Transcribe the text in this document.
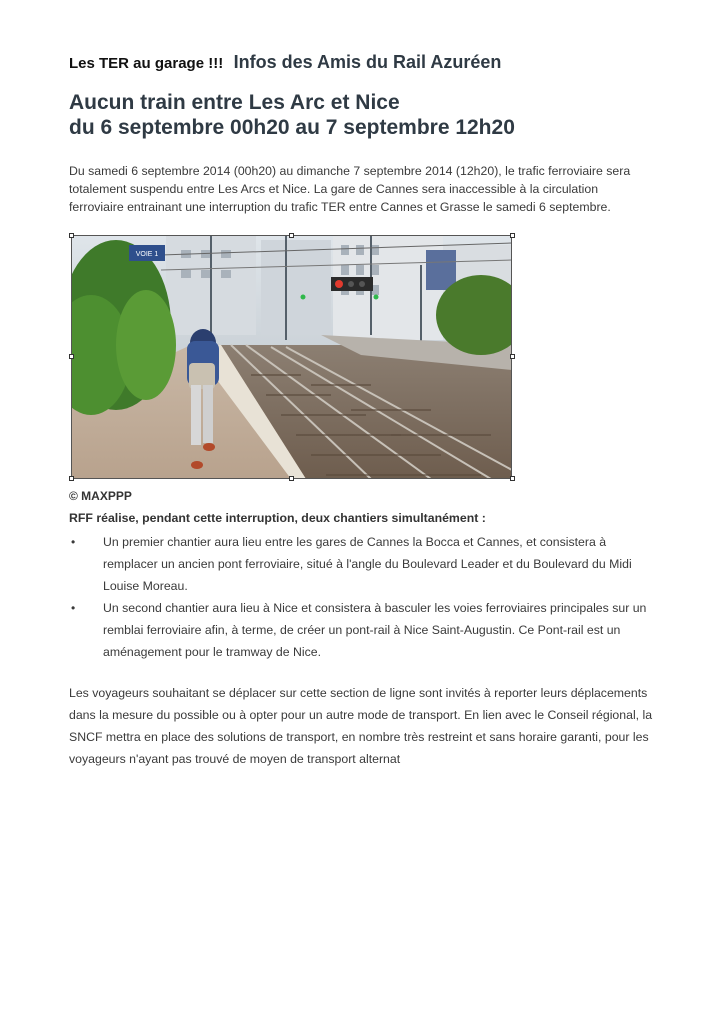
Les TER au garage !!! Infos des Amis du Rail Azuréen
Aucun train entre Les Arc et Nice
du 6 septembre 00h20 au 7 septembre 12h20

Du samedi 6 septembre 2014 (00h20) au dimanche 7 septembre 2014 (12h20), le trafic ferroviaire sera totalement suspendu entre Les Arcs et Nice. La gare de Cannes sera inaccessible à la circulation ferroviaire entrainant une interruption du trafic TER entre Cannes et Grasse le samedi 6 septembre.

VOIE 1
© MAXPPP
RFF réalise, pendant cette interruption, deux chantiers simultanément :
• Un premier chantier aura lieu entre les gares de Cannes la Bocca et Cannes, et consistera à remplacer un ancien pont ferroviaire, situé à l'angle du Boulevard Leader et du Boulevard du Midi Louise Moreau.
• Un second chantier aura lieu à Nice et consistera à basculer les voies ferroviaires principales sur un remblai ferroviaire afin, à terme, de créer un pont-rail à Nice Saint-Augustin. Ce Pont-rail est un aménagement pour le tramway de Nice.

Les voyageurs souhaitant se déplacer sur cette section de ligne sont invités à reporter leurs déplacements dans la mesure du possible ou à opter pour un autre mode de transport. En lien avec le Conseil régional, la SNCF mettra en place des solutions de transport, en nombre très restreint et sans horaire garanti, pour les voyageurs n'ayant pas trouvé de moyen de transport alternat
